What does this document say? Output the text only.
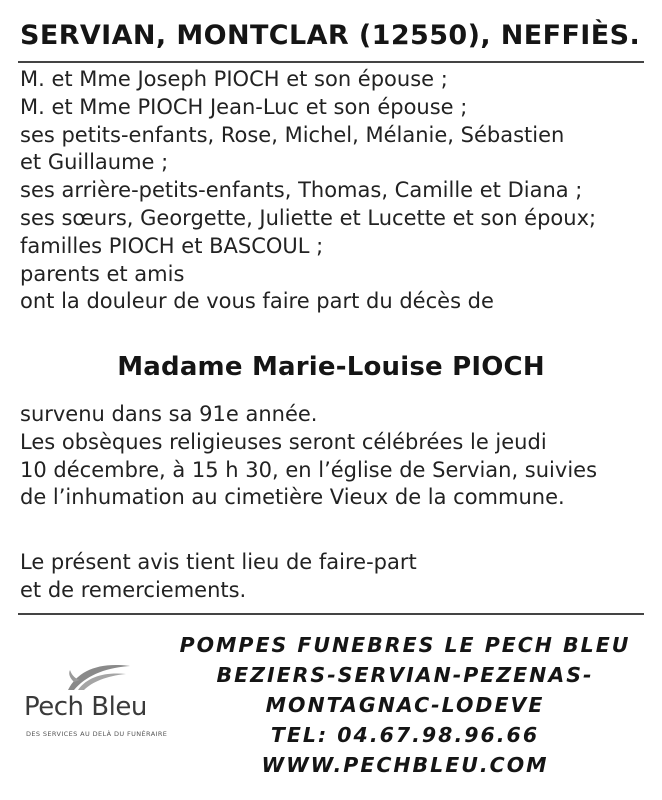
SERVIAN, MONTCLAR (12550), NEFFIÈS.
M. et Mme Joseph PIOCH et son épouse ;
M. et Mme PIOCH Jean-Luc et son épouse ;
ses petits-enfants, Rose, Michel, Mélanie, Sébastien
et Guillaume ;
ses arrière-petits-enfants, Thomas, Camille et Diana ;
ses sœurs, Georgette, Juliette et Lucette et son époux;
familles PIOCH et BASCOUL ;
parents et amis
ont la douleur de vous faire part du décès de
Madame Marie-Louise PIOCH
survenu dans sa 91e année.
Les obsèques religieuses seront célébrées le jeudi
10 décembre, à 15 h 30, en l’église de Servian, suivies
de l’inhumation au cimetière Vieux de la commune.
Le présent avis tient lieu de faire-part
et de remerciements.
Pech Bleu
DES SERVICES AU DELÀ DU FUNÉRAIRE
POMPES FUNEBRES LE PECH BLEU
BEZIERS-SERVIAN-PEZENAS-
MONTAGNAC-LODEVE
TEL: 04.67.98.96.66
WWW.PECHBLEU.COM
